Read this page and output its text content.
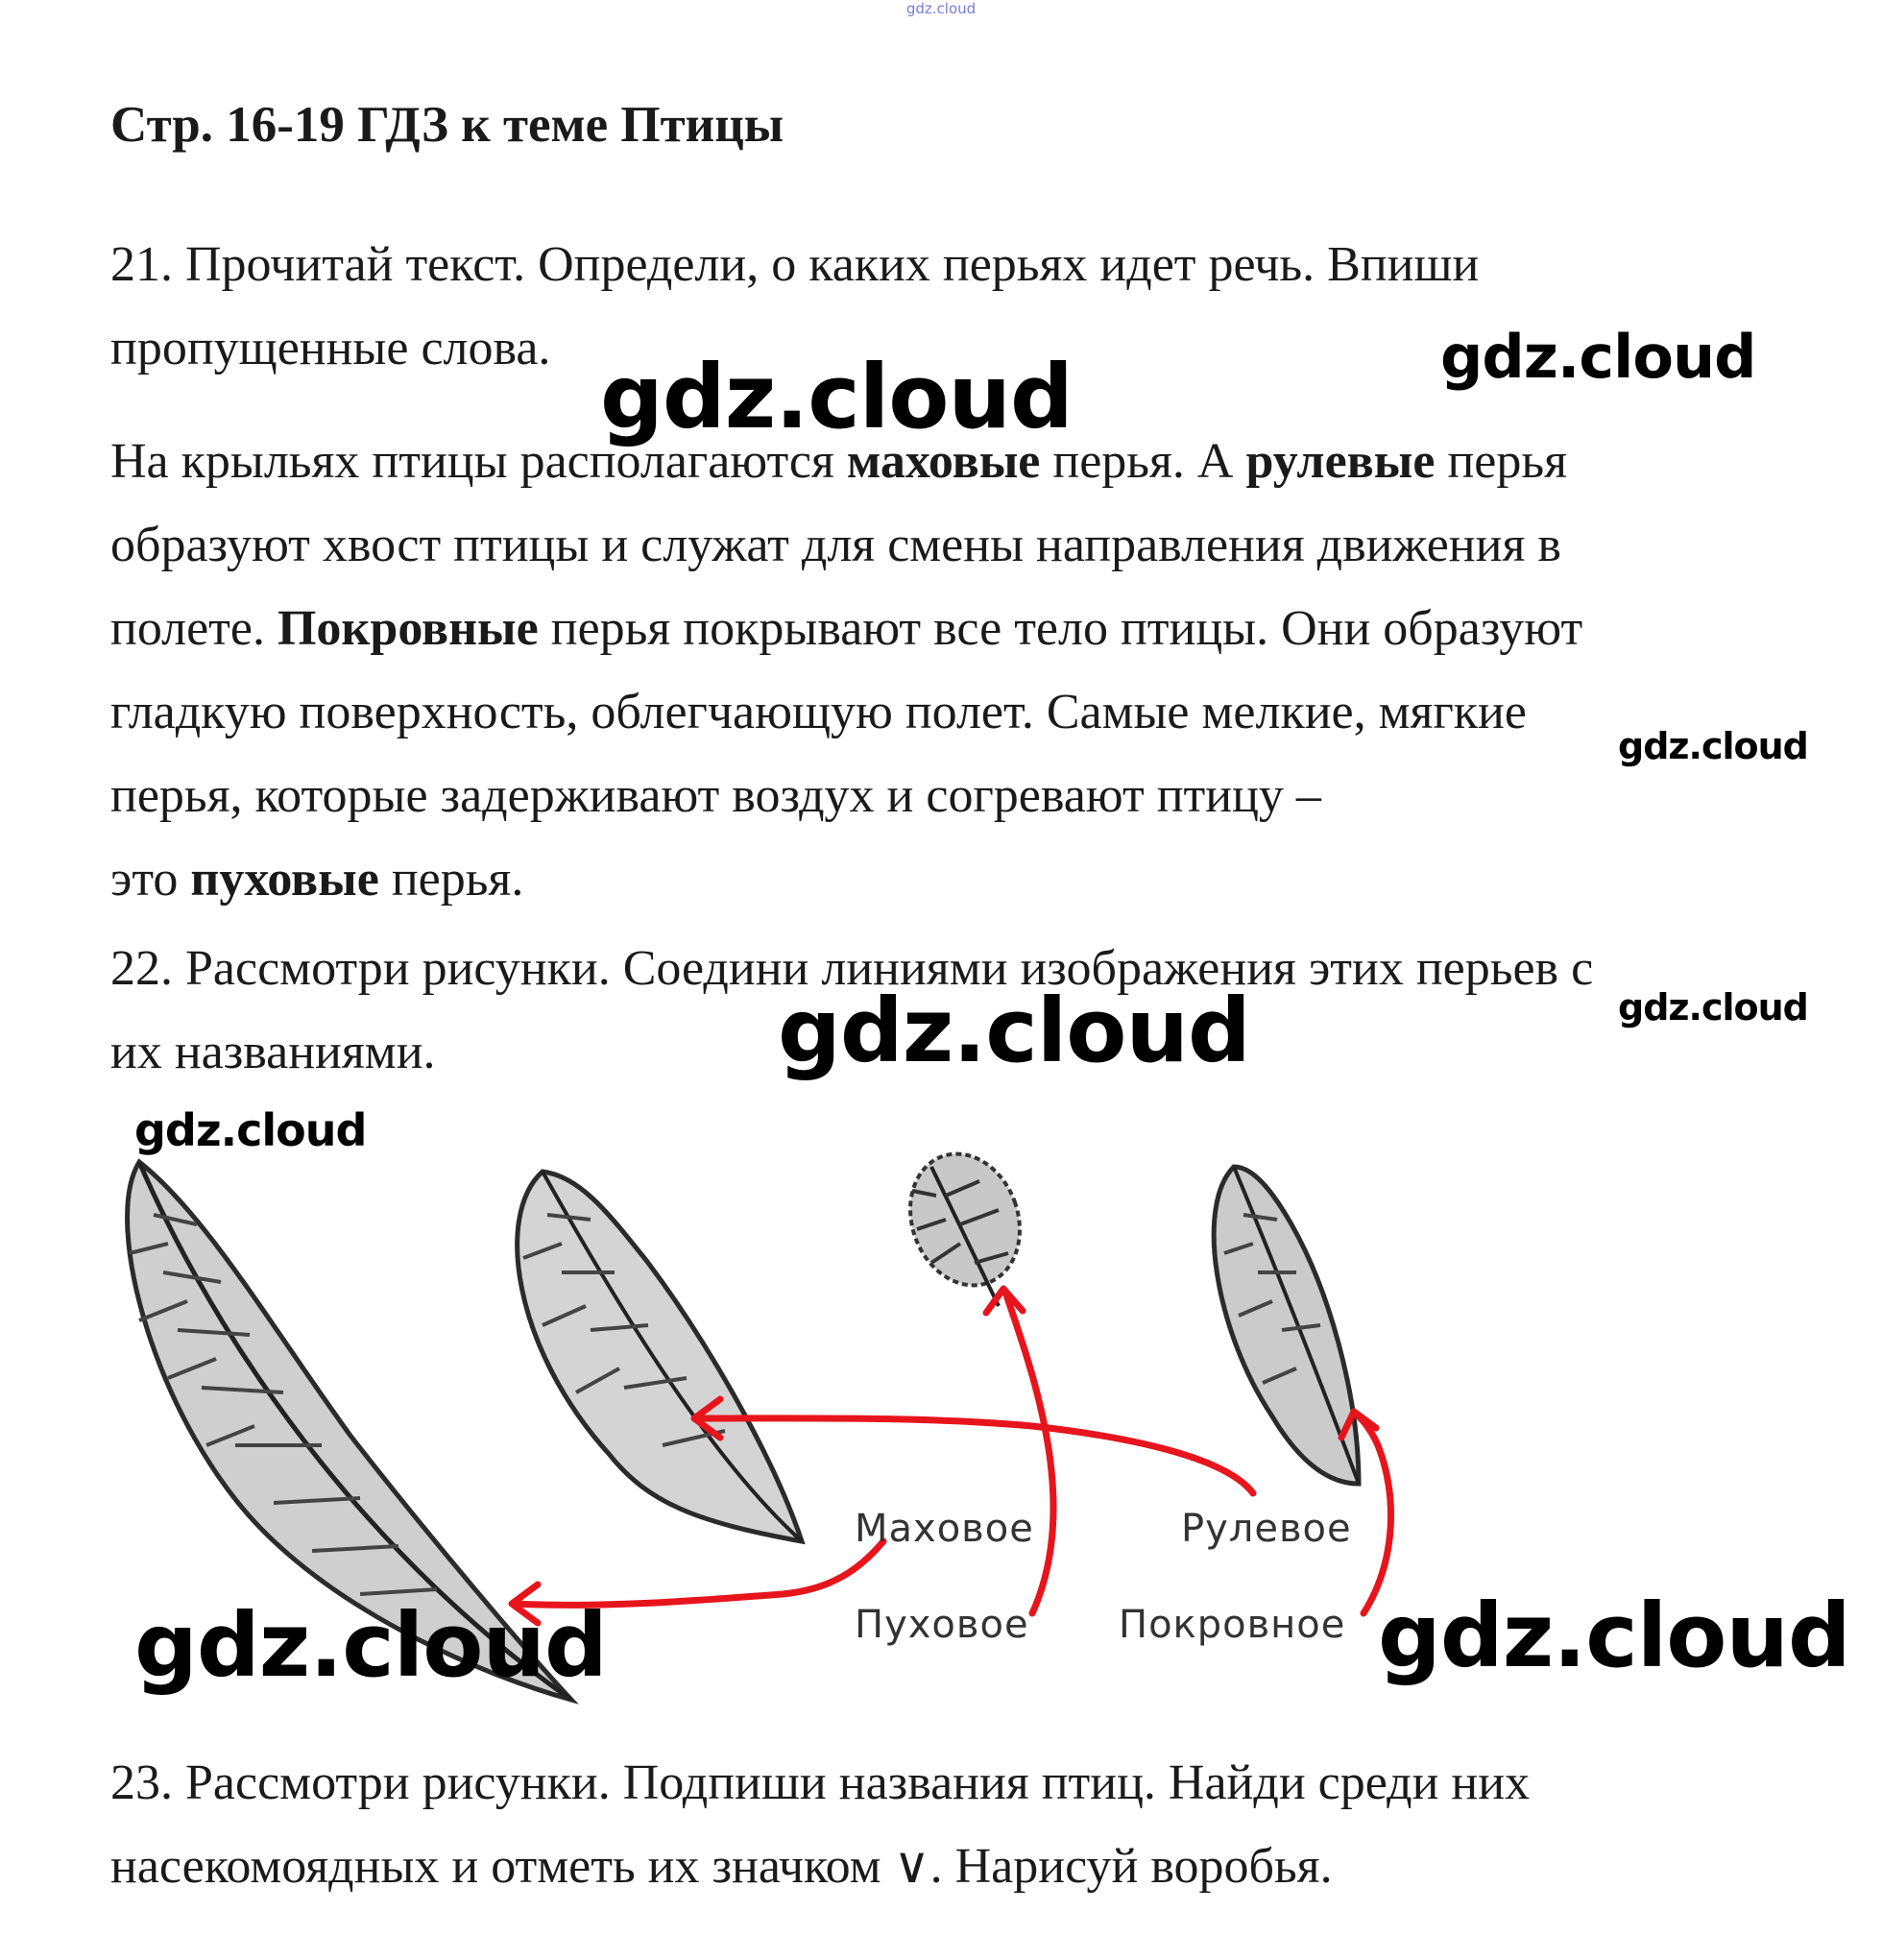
gdz.cloud
Стр. 16-19 ГДЗ к теме Птицы

21. Прочитай текст. Определи, о каких перьях идет речь. Впиши

пропущенные слова.

На крыльях птицы располагаются маховые перья. А рулевые перья

образуют хвост птицы и служат для смены направления движения в

полете. Покровные перья покрывают все тело птицы. Они образуют

гладкую поверхность, облегчающую полет. Самые мелкие, мягкие

перья, которые задерживают воздух и согревают птицу –

это пуховые перья.

22. Рассмотри рисунки. Соедини линиями изображения этих перьев с

их названиями.

Маховое
Пуховое
Рулевое
Покровное

23. Рассмотри рисунки. Подпиши названия птиц. Найди среди них

насекомоядных и отметь их значком ∨. Нарисуй воробья.

gdz.cloud
gdz.cloud
gdz.cloud
gdz.cloud
gdz.cloud
gdz.cloud
gdz.cloud	gdz.cloud
